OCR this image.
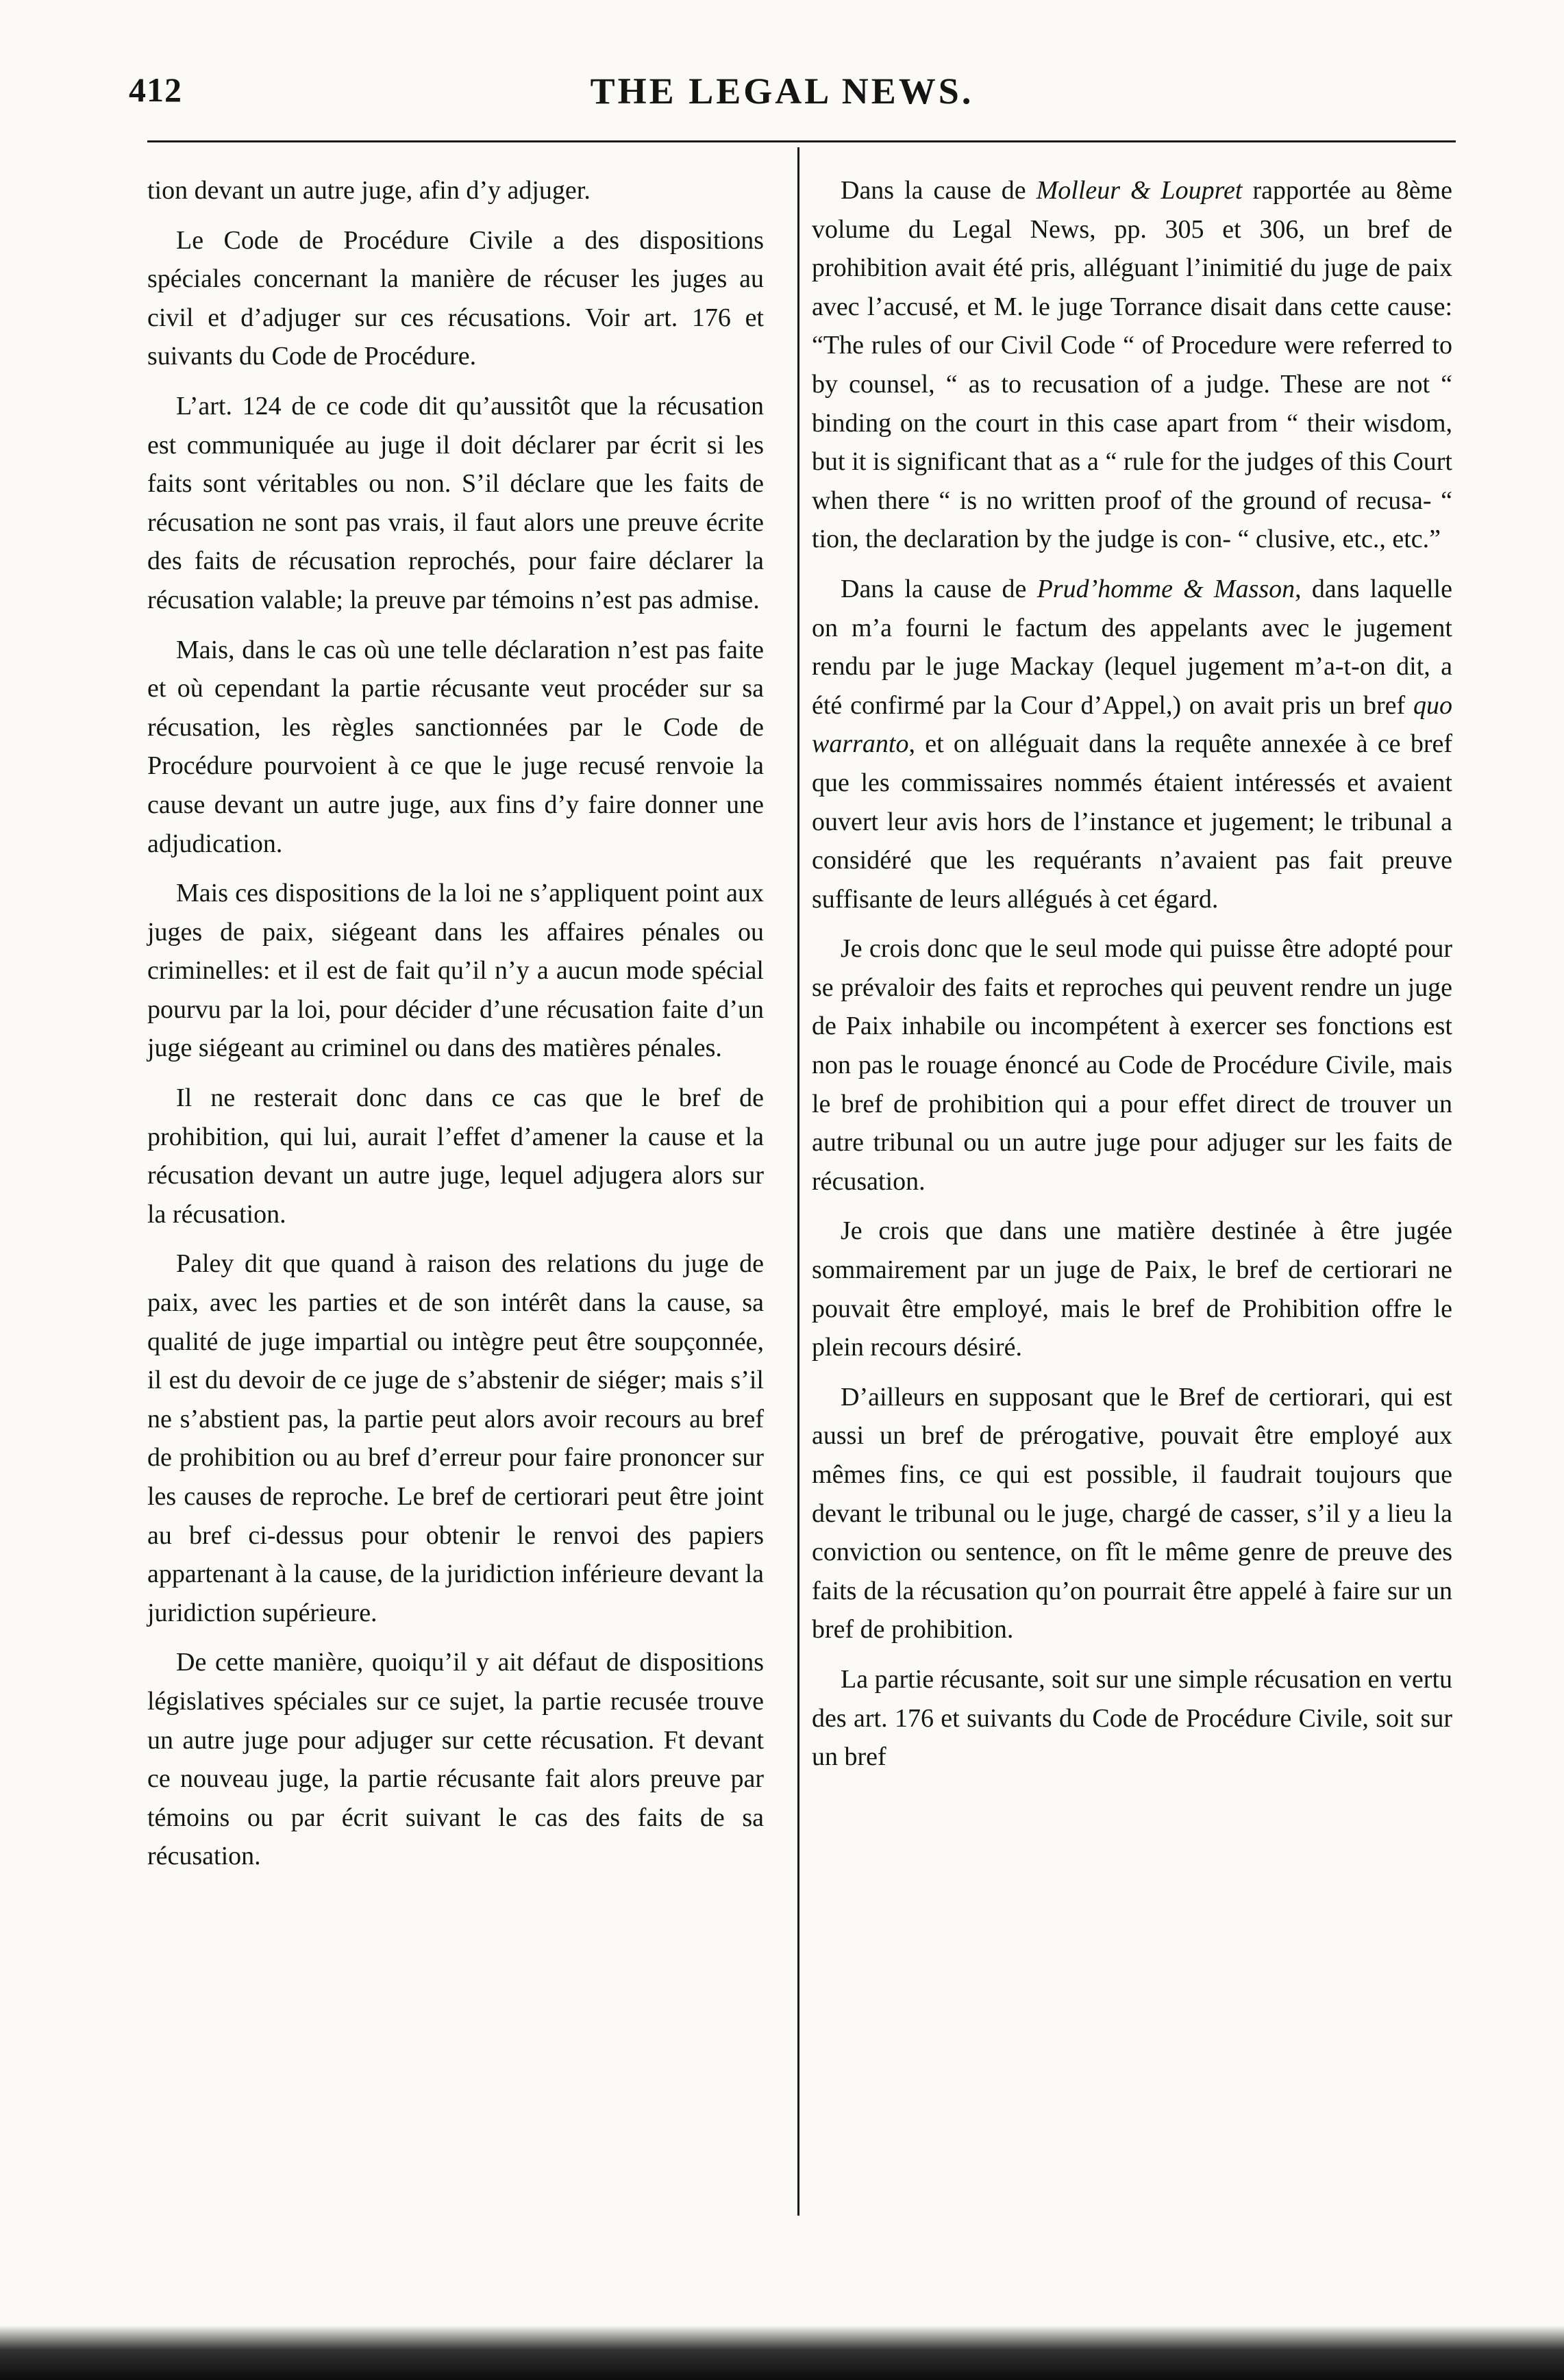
412	THE LEGAL NEWS.

tion devant un autre juge, afin d’y adjuger.

Le Code de Procédure Civile a des dispositions spéciales concernant la manière de récuser les juges au civil et d’adjuger sur ces récusations. Voir art. 176 et suivants du Code de Procédure.

L’art. 124 de ce code dit qu’aussitôt que la récusation est communiquée au juge il doit déclarer par écrit si les faits sont véritables ou non. S’il déclare que les faits de récusation ne sont pas vrais, il faut alors une preuve écrite des faits de récusation reprochés, pour faire déclarer la récusation valable; la preuve par témoins n’est pas admise.

Mais, dans le cas où une telle déclaration n’est pas faite et où cependant la partie récusante veut procéder sur sa récusation, les règles sanctionnées par le Code de Procédure pourvoient à ce que le juge recusé renvoie la cause devant un autre juge, aux fins d’y faire donner une adjudication.

Mais ces dispositions de la loi ne s’appliquent point aux juges de paix, siégeant dans les affaires pénales ou criminelles: et il est de fait qu’il n’y a aucun mode spécial pourvu par la loi, pour décider d’une récusation faite d’un juge siégeant au criminel ou dans des matières pénales.

Il ne resterait donc dans ce cas que le bref de prohibition, qui lui, aurait l’effet d’amener la cause et la récusation devant un autre juge, lequel adjugera alors sur la récusation.

Paley dit que quand à raison des relations du juge de paix, avec les parties et de son intérêt dans la cause, sa qualité de juge impartial ou intègre peut être soupçonnée, il est du devoir de ce juge de s’abstenir de siéger; mais s’il ne s’abstient pas, la partie peut alors avoir recours au bref de prohibition ou au bref d’erreur pour faire prononcer sur les causes de reproche. Le bref de certiorari peut être joint au bref ci-dessus pour obtenir le renvoi des papiers appartenant à la cause, de la juridiction inférieure devant la juridiction supérieure.

De cette manière, quoiqu’il y ait défaut de dispositions législatives spéciales sur ce sujet, la partie recusée trouve un autre juge pour adjuger sur cette récusation. Ft devant ce nouveau juge, la partie récusante fait alors preuve par témoins ou par écrit suivant le cas des faits de sa récusation.

Dans la cause de Molleur & Loupret rapportée au 8ème volume du Legal News, pp. 305 et 306, un bref de prohibition avait été pris, alléguant l’inimitié du juge de paix avec l’accusé, et M. le juge Torrance disait dans cette cause: “The rules of our Civil Code “ of Procedure were referred to by counsel, “ as to recusation of a judge. These are not “ binding on the court in this case apart from “ their wisdom, but it is significant that as a “ rule for the judges of this Court when there “ is no written proof of the ground of recusa- “ tion, the declaration by the judge is con- “ clusive, etc., etc.”

Dans la cause de Prud’homme & Masson, dans laquelle on m’a fourni le factum des appelants avec le jugement rendu par le juge Mackay (lequel jugement m’a-t-on dit, a été confirmé par la Cour d’Appel,) on avait pris un bref quo warranto, et on alléguait dans la requête annexée à ce bref que les commissaires nommés étaient intéressés et avaient ouvert leur avis hors de l’instance et jugement; le tribunal a considéré que les requérants n’avaient pas fait preuve suffisante de leurs allégués à cet égard.

Je crois donc que le seul mode qui puisse être adopté pour se prévaloir des faits et reproches qui peuvent rendre un juge de Paix inhabile ou incompétent à exercer ses fonctions est non pas le rouage énoncé au Code de Procédure Civile, mais le bref de prohibition qui a pour effet direct de trouver un autre tribunal ou un autre juge pour adjuger sur les faits de récusation.

Je crois que dans une matière destinée à être jugée sommairement par un juge de Paix, le bref de certiorari ne pouvait être employé, mais le bref de Prohibition offre le plein recours désiré.

D’ailleurs en supposant que le Bref de certiorari, qui est aussi un bref de prérogative, pouvait être employé aux mêmes fins, ce qui est possible, il faudrait toujours que devant le tribunal ou le juge, chargé de casser, s’il y a lieu la conviction ou sentence, on fît le même genre de preuve des faits de la récusation qu’on pourrait être appelé à faire sur un bref de prohibition.

La partie récusante, soit sur une simple récusation en vertu des art. 176 et suivants du Code de Procédure Civile, soit sur un bref
